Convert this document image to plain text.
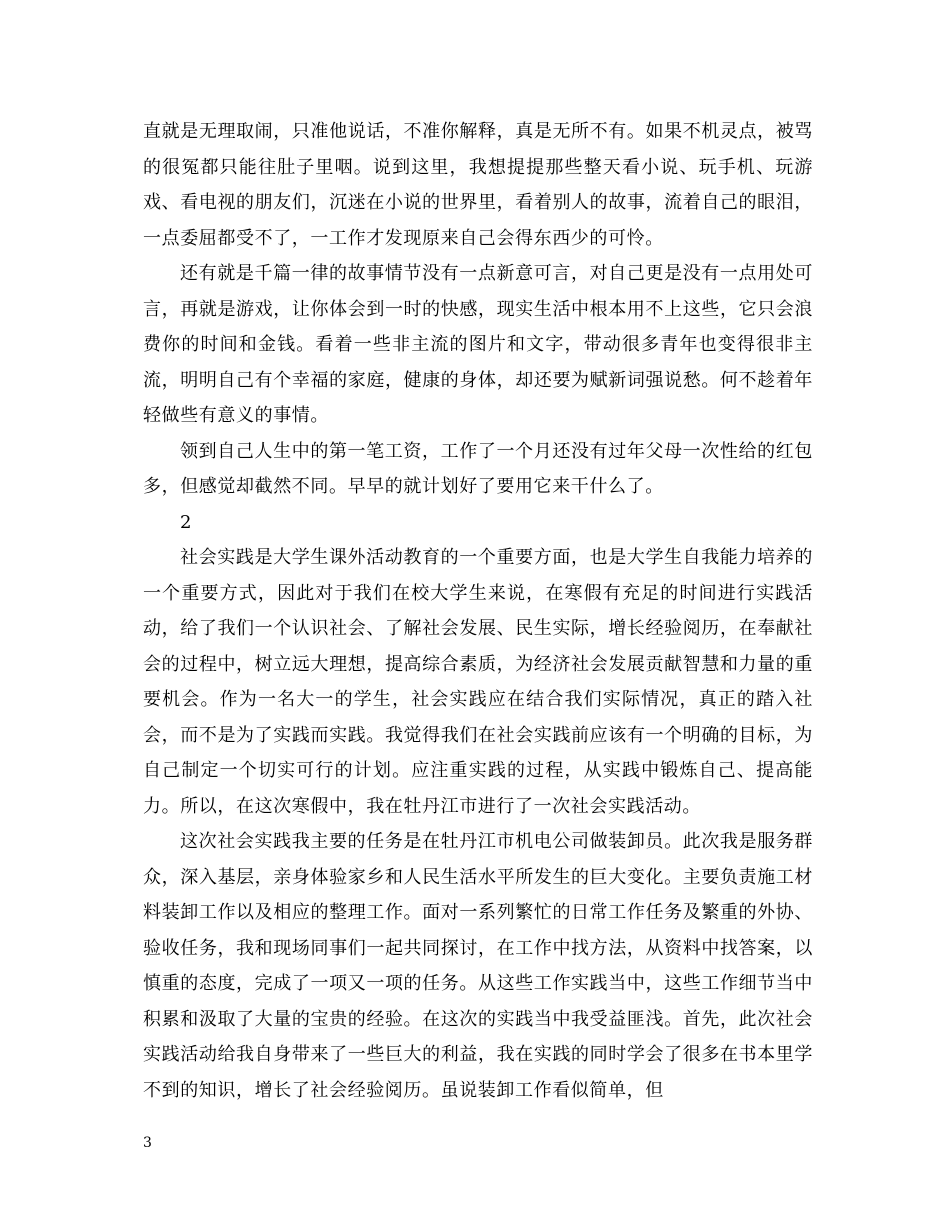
直就是无理取闹，只准他说话，不准你解释，真是无所不有。如果不机灵点，被骂的很冤都只能往肚子里咽。说到这里，我想提提那些整天看小说、玩手机、玩游戏、看电视的朋友们，沉迷在小说的世界里，看着别人的故事，流着自己的眼泪，一点委屈都受不了，一工作才发现原来自己会得东西少的可怜。

还有就是千篇一律的故事情节没有一点新意可言，对自己更是没有一点用处可言，再就是游戏，让你体会到一时的快感，现实生活中根本用不上这些，它只会浪费你的时间和金钱。看着一些非主流的图片和文字，带动很多青年也变得很非主流，明明自己有个幸福的家庭，健康的身体，却还要为赋新词强说愁。何不趁着年轻做些有意义的事情。

领到自己人生中的第一笔工资，工作了一个月还没有过年父母一次性给的红包多，但感觉却截然不同。早早的就计划好了要用它来干什么了。

2

社会实践是大学生课外活动教育的一个重要方面，也是大学生自我能力培养的一个重要方式，因此对于我们在校大学生来说，在寒假有充足的时间进行实践活动，给了我们一个认识社会、了解社会发展、民生实际，增长经验阅历，在奉献社会的过程中，树立远大理想，提高综合素质，为经济社会发展贡献智慧和力量的重要机会。作为一名大一的学生，社会实践应在结合我们实际情况，真正的踏入社会，而不是为了实践而实践。我觉得我们在社会实践前应该有一个明确的目标，为自己制定一个切实可行的计划。应注重实践的过程，从实践中锻炼自己、提高能力。所以，在这次寒假中，我在牡丹江市进行了一次社会实践活动。

这次社会实践我主要的任务是在牡丹江市机电公司做装卸员。此次我是服务群众，深入基层，亲身体验家乡和人民生活水平所发生的巨大变化。主要负责施工材料装卸工作以及相应的整理工作。面对一系列繁忙的日常工作任务及繁重的外协、验收任务，我和现场同事们一起共同探讨，在工作中找方法，从资料中找答案，以慎重的态度，完成了一项又一项的任务。从这些工作实践当中，这些工作细节当中积累和汲取了大量的宝贵的经验。在这次的实践当中我受益匪浅。首先，此次社会实践活动给我自身带来了一些巨大的利益，我在实践的同时学会了很多在书本里学不到的知识，增长了社会经验阅历。虽说装卸工作看似简单，但

3
